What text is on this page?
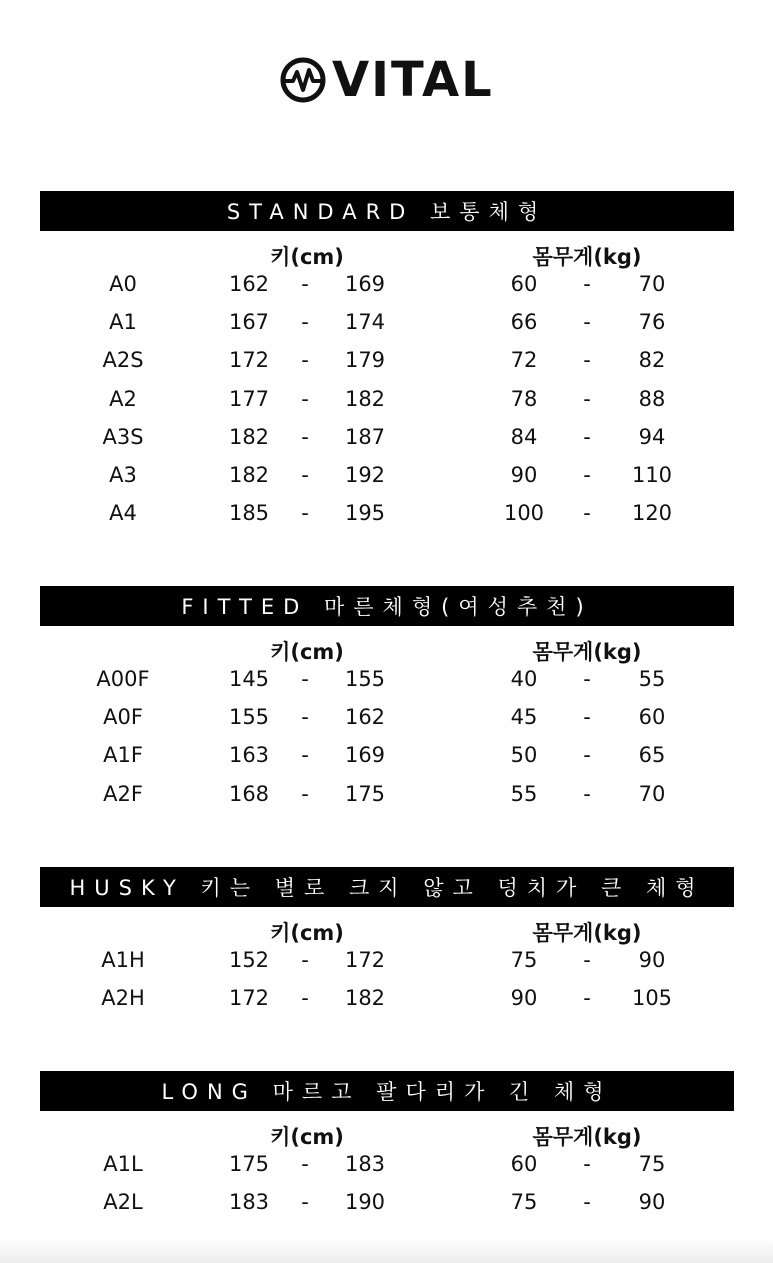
VITAL
STANDARD 보통체형
키(cm)	몸무게(kg)
A0	162 - 169	60 - 70
A1	167 - 174	66 - 76
A2S	172 - 179	72 - 82
A2	177 - 182	78 - 88
A3S	182 - 187	84 - 94
A3	182 - 192	90 - 110
A4	185 - 195	100 - 120
FITTED 마른체형(여성추천)
키(cm)	몸무게(kg)
A00F	145 - 155	40 - 55
A0F	155 - 162	45 - 60
A1F	163 - 169	50 - 65
A2F	168 - 175	55 - 70
HUSKY 키는 별로 크지 않고 덩치가 큰 체형
키(cm)	몸무게(kg)
A1H	152 - 172	75 - 90
A2H	172 - 182	90 - 105
LONG 마르고 팔다리가 긴 체형
키(cm)	몸무게(kg)
A1L	175 - 183	60 - 75
A2L	183 - 190	75 - 90
